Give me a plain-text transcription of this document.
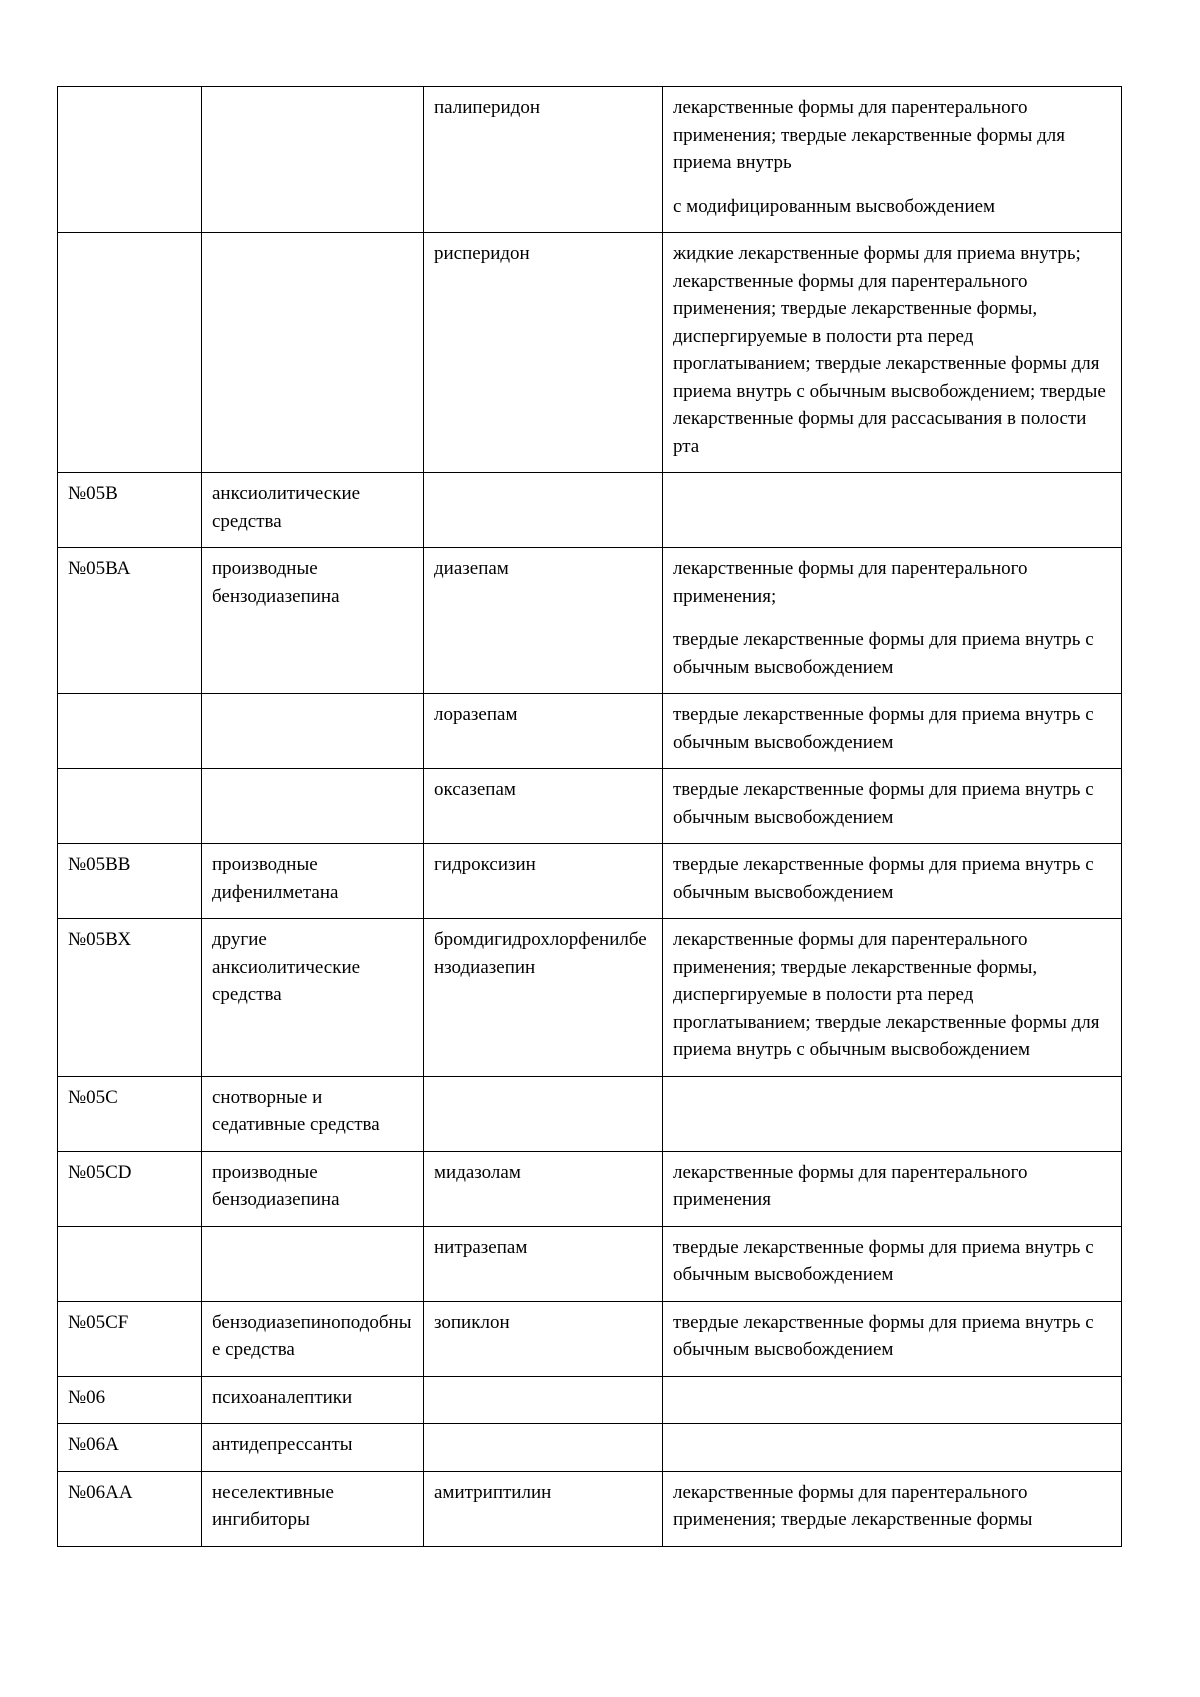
		палиперидон	лекарственные формы для парентерального применения; твердые лекарственные формы для приема внутрь
с модифицированным высвобождением

		рисперидон	жидкие лекарственные формы для приема внутрь; лекарственные формы для парентерального применения; твердые лекарственные формы, диспергируемые в полости рта перед проглатыванием; твердые лекарственные формы для приема внутрь с обычным высвобождением; твердые лекарственные формы для рассасывания в полости рта

№05В	анксиолитические средства		
№05ВА	производные бензодиазепина	диазепам	лекарственные формы для парентерального применения;
твердые лекарственные формы для приема внутрь с обычным высвобождением

		лоразепам	твердые лекарственные формы для приема внутрь с обычным высвобождением

		оксазепам	твердые лекарственные формы для приема внутрь с обычным высвобождением

№05ВВ	производные дифенилметана	гидроксизин	твердые лекарственные формы для приема внутрь с обычным высвобождением

№05ВХ	другие анксиолитические средства	бромдигидрохлорфенилбензодиазепин	лекарственные формы для парентерального применения; твердые лекарственные формы, диспергируемые в полости рта перед проглатыванием; твердые лекарственные формы для приема внутрь с обычным высвобождением

№05С	снотворные и седативные средства		
№05CD	производные бензодиазепина	мидазолам	лекарственные формы для парентерального применения

		нитразепам	твердые лекарственные формы для приема внутрь с обычным высвобождением

№05CF	бензодиазепиноподобные средства	зопиклон	твердые лекарственные формы для приема внутрь с обычным высвобождением

№06	психоаналептики		
№06А	антидепрессанты		
№06АА	неселективные ингибиторы	амитриптилин	лекарственные формы для парентерального применения; твердые лекарственные формы
